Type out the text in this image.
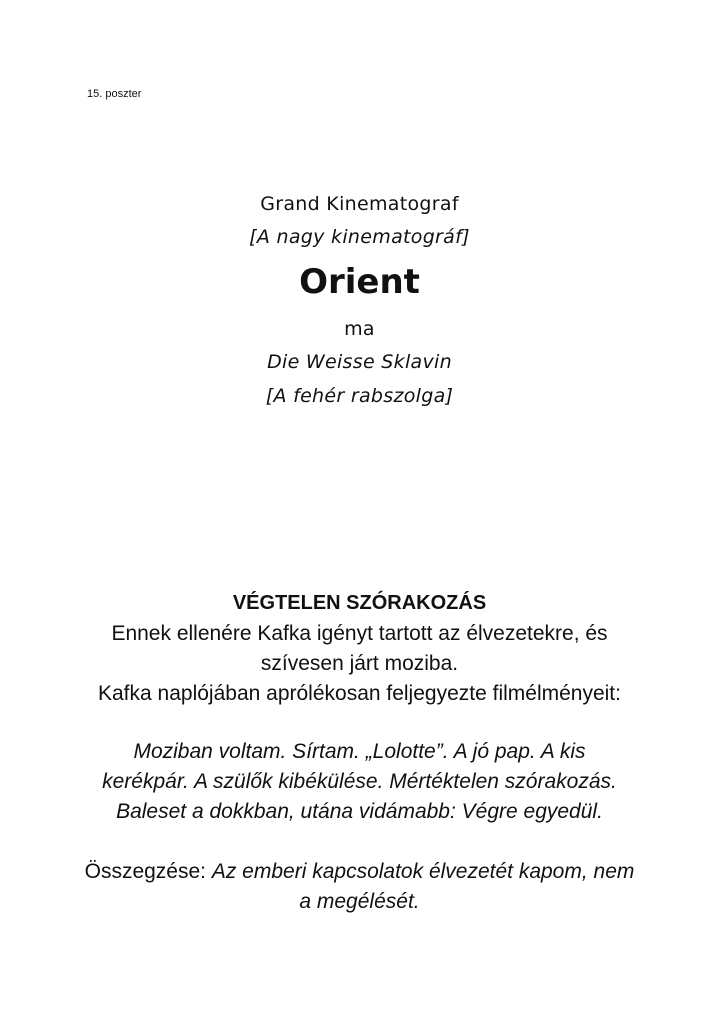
15. poszter
Grand Kinematograf
[A nagy kinematográf]
Orient
ma
Die Weisse Sklavin
[A fehér rabszolga]
VÉGTELEN SZÓRAKOZÁS
Ennek ellenére Kafka igényt tartott az élvezetekre, és
szívesen járt moziba.
Kafka naplójában aprólékosan feljegyezte filmélményeit:
Moziban voltam. Sírtam. „Lolotte”. A jó pap. A kis
kerékpár. A szülők kibékülése. Mértéktelen szórakozás.
Baleset a dokkban, utána vidámabb: Végre egyedül.
Összegzése: Az emberi kapcsolatok élvezetét kapom, nem
a megélését.
